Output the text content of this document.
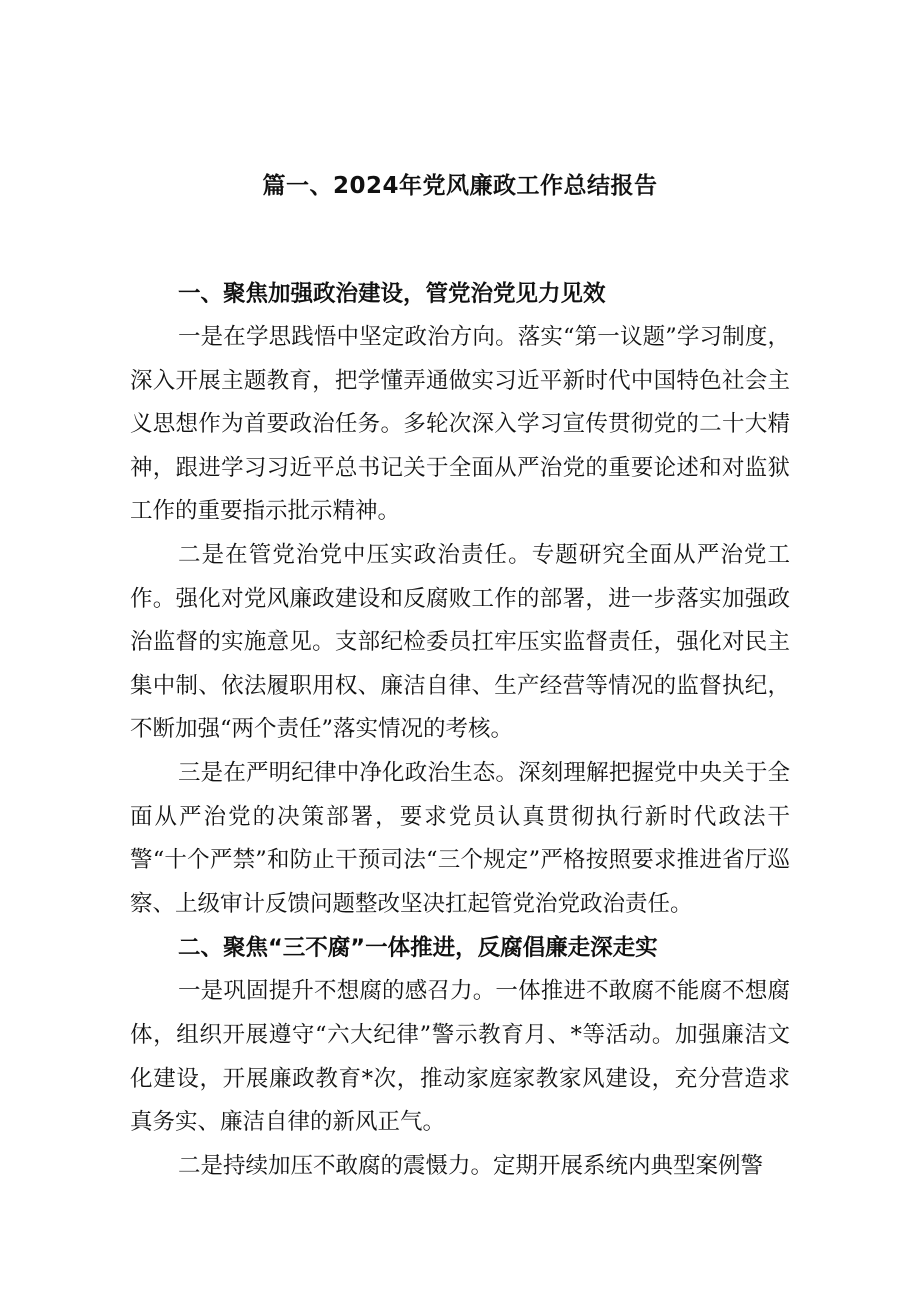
篇一、2024年党风廉政工作总结报告

一、聚焦加强政治建设，管党治党见力见效

一是在学思践悟中坚定政治方向。落实“第一议题”学习制度，深入开展主题教育，把学懂弄通做实习近平新时代中国特色社会主义思想作为首要政治任务。多轮次深入学习宣传贯彻党的二十大精神，跟进学习习近平总书记关于全面从严治党的重要论述和对监狱工作的重要指示批示精神。

二是在管党治党中压实政治责任。专题研究全面从严治党工作。强化对党风廉政建设和反腐败工作的部署，进一步落实加强政治监督的实施意见。支部纪检委员扛牢压实监督责任，强化对民主集中制、依法履职用权、廉洁自律、生产经营等情况的监督执纪，不断加强“两个责任”落实情况的考核。

三是在严明纪律中净化政治生态。深刻理解把握党中央关于全面从严治党的决策部署，要求党员认真贯彻执行新时代政法干警“十个严禁”和防止干预司法“三个规定”严格按照要求推进省厅巡察、上级审计反馈问题整改坚决扛起管党治党政治责任。

二、聚焦“三不腐”一体推进，反腐倡廉走深走实

一是巩固提升不想腐的感召力。一体推进不敢腐不能腐不想腐体，组织开展遵守“六大纪律”警示教育月、*等活动。加强廉洁文化建设，开展廉政教育*次，推动家庭家教家风建设，充分营造求真务实、廉洁自律的新风正气。

二是持续加压不敢腐的震慑力。定期开展系统内典型案例警
